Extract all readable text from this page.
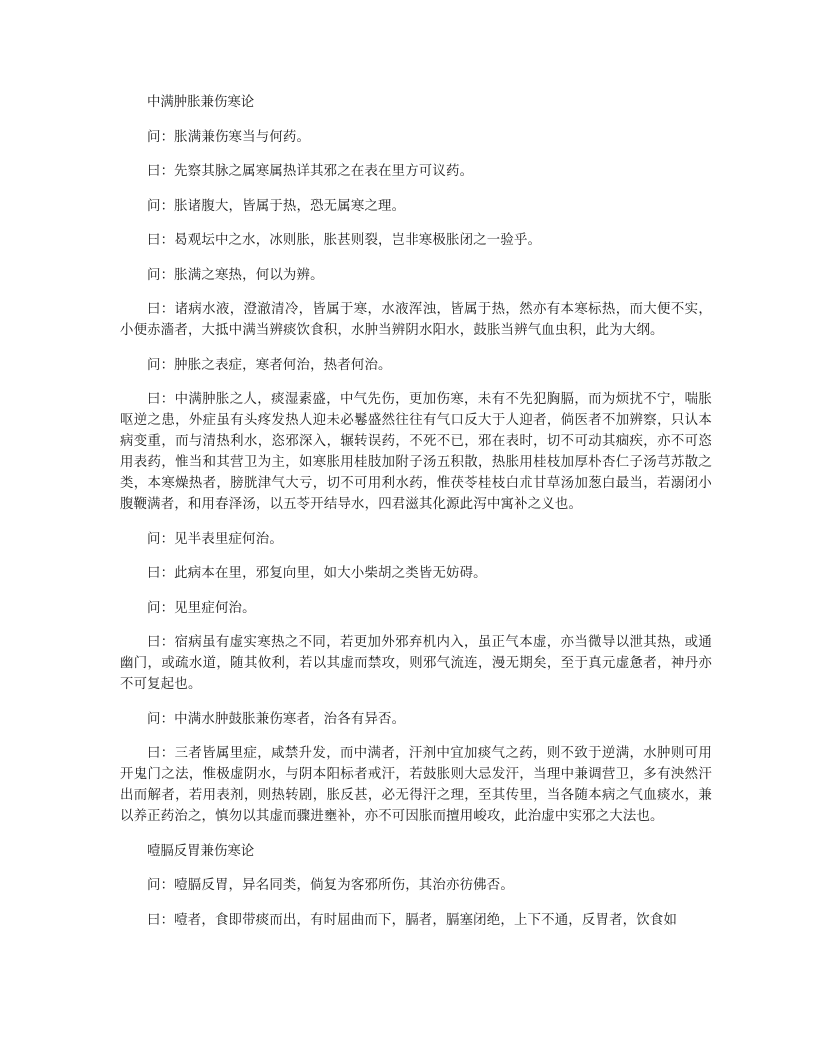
中满肿胀兼伤寒论

问：胀满兼伤寒当与何药。

曰：先察其脉之属寒属热详其邪之在表在里方可议药。

问：胀诸腹大，皆属于热，恐无属寒之理。

曰：曷观坛中之水，冰则胀，胀甚则裂，岂非寒极胀闭之一验乎。

问：胀满之寒热，何以为辨。

曰：诸病水液，澄澈清冷，皆属于寒，水液浑浊，皆属于热，然亦有本寒标热，而大便不实，小便赤濇者，大抵中满当辨痰饮食积，水肿当辨阴水阳水，鼓胀当辨气血虫积，此为大纲。

问：肿胀之表症，寒者何治，热者何治。

曰：中满肿胀之人，痰湿素盛，中气先伤，更加伤寒，未有不先犯胸膈，而为烦扰不宁，喘胀呕逆之患，外症虽有头疼发热人迎未必鬈盛然往往有气口反大于人迎者，倘医者不加辨察，只认本病变重，而与清热利水，恣邪深入，辗转误药，不死不已，邪在表时，切不可动其痼疾，亦不可恣用表药，惟当和其营卫为主，如寒胀用桂肢加附子汤五积散，热胀用桂枝加厚朴杏仁子汤芎苏散之类，本寒燥热者，膀胱津气大亏，切不可用利水药，惟茯苓桂枝白朮甘草汤加葱白最当，若溺闭小腹鞭满者，和用春泽汤，以五苓开结导水，四君滋其化源此泻中寓补之义也。

问：见半表里症何治。

曰：此病本在里，邪复向里，如大小柴胡之类皆无妨碍。

问：见里症何治。

曰：宿病虽有虚实寒热之不同，若更加外邪弃机内入，虽正气本虚，亦当微导以泄其热，或通幽门，或疏水道，随其攸利，若以其虚而禁攻，则邪气流连，漫无期矣，至于真元虚惫者，神丹亦不可复起也。

问：中满水肿鼓胀兼伤寒者，治各有异否。

曰：三者皆属里症，咸禁升发，而中满者，汗剂中宜加痰气之药，则不致于逆满，水肿则可用开鬼门之法，惟极虚阴水，与阴本阳标者戒汗，若鼓胀则大忌发汗，当理中兼调营卫，多有泱然汗出而解者，若用表剂，则热转剧，胀反甚，必无得汗之理，至其传里，当各随本病之气血痰水，兼以养正药治之，慎勿以其虚而骤进壅补，亦不可因胀而擅用峻攻，此治虚中实邪之大法也。

噎膈反胃兼伤寒论

问：噎膈反胃，异名同类，倘复为客邪所伤，其治亦彷佛否。

曰：噎者，食即带痰而出，有时屈曲而下，膈者，膈塞闭绝，上下不通，反胃者，饮食如
